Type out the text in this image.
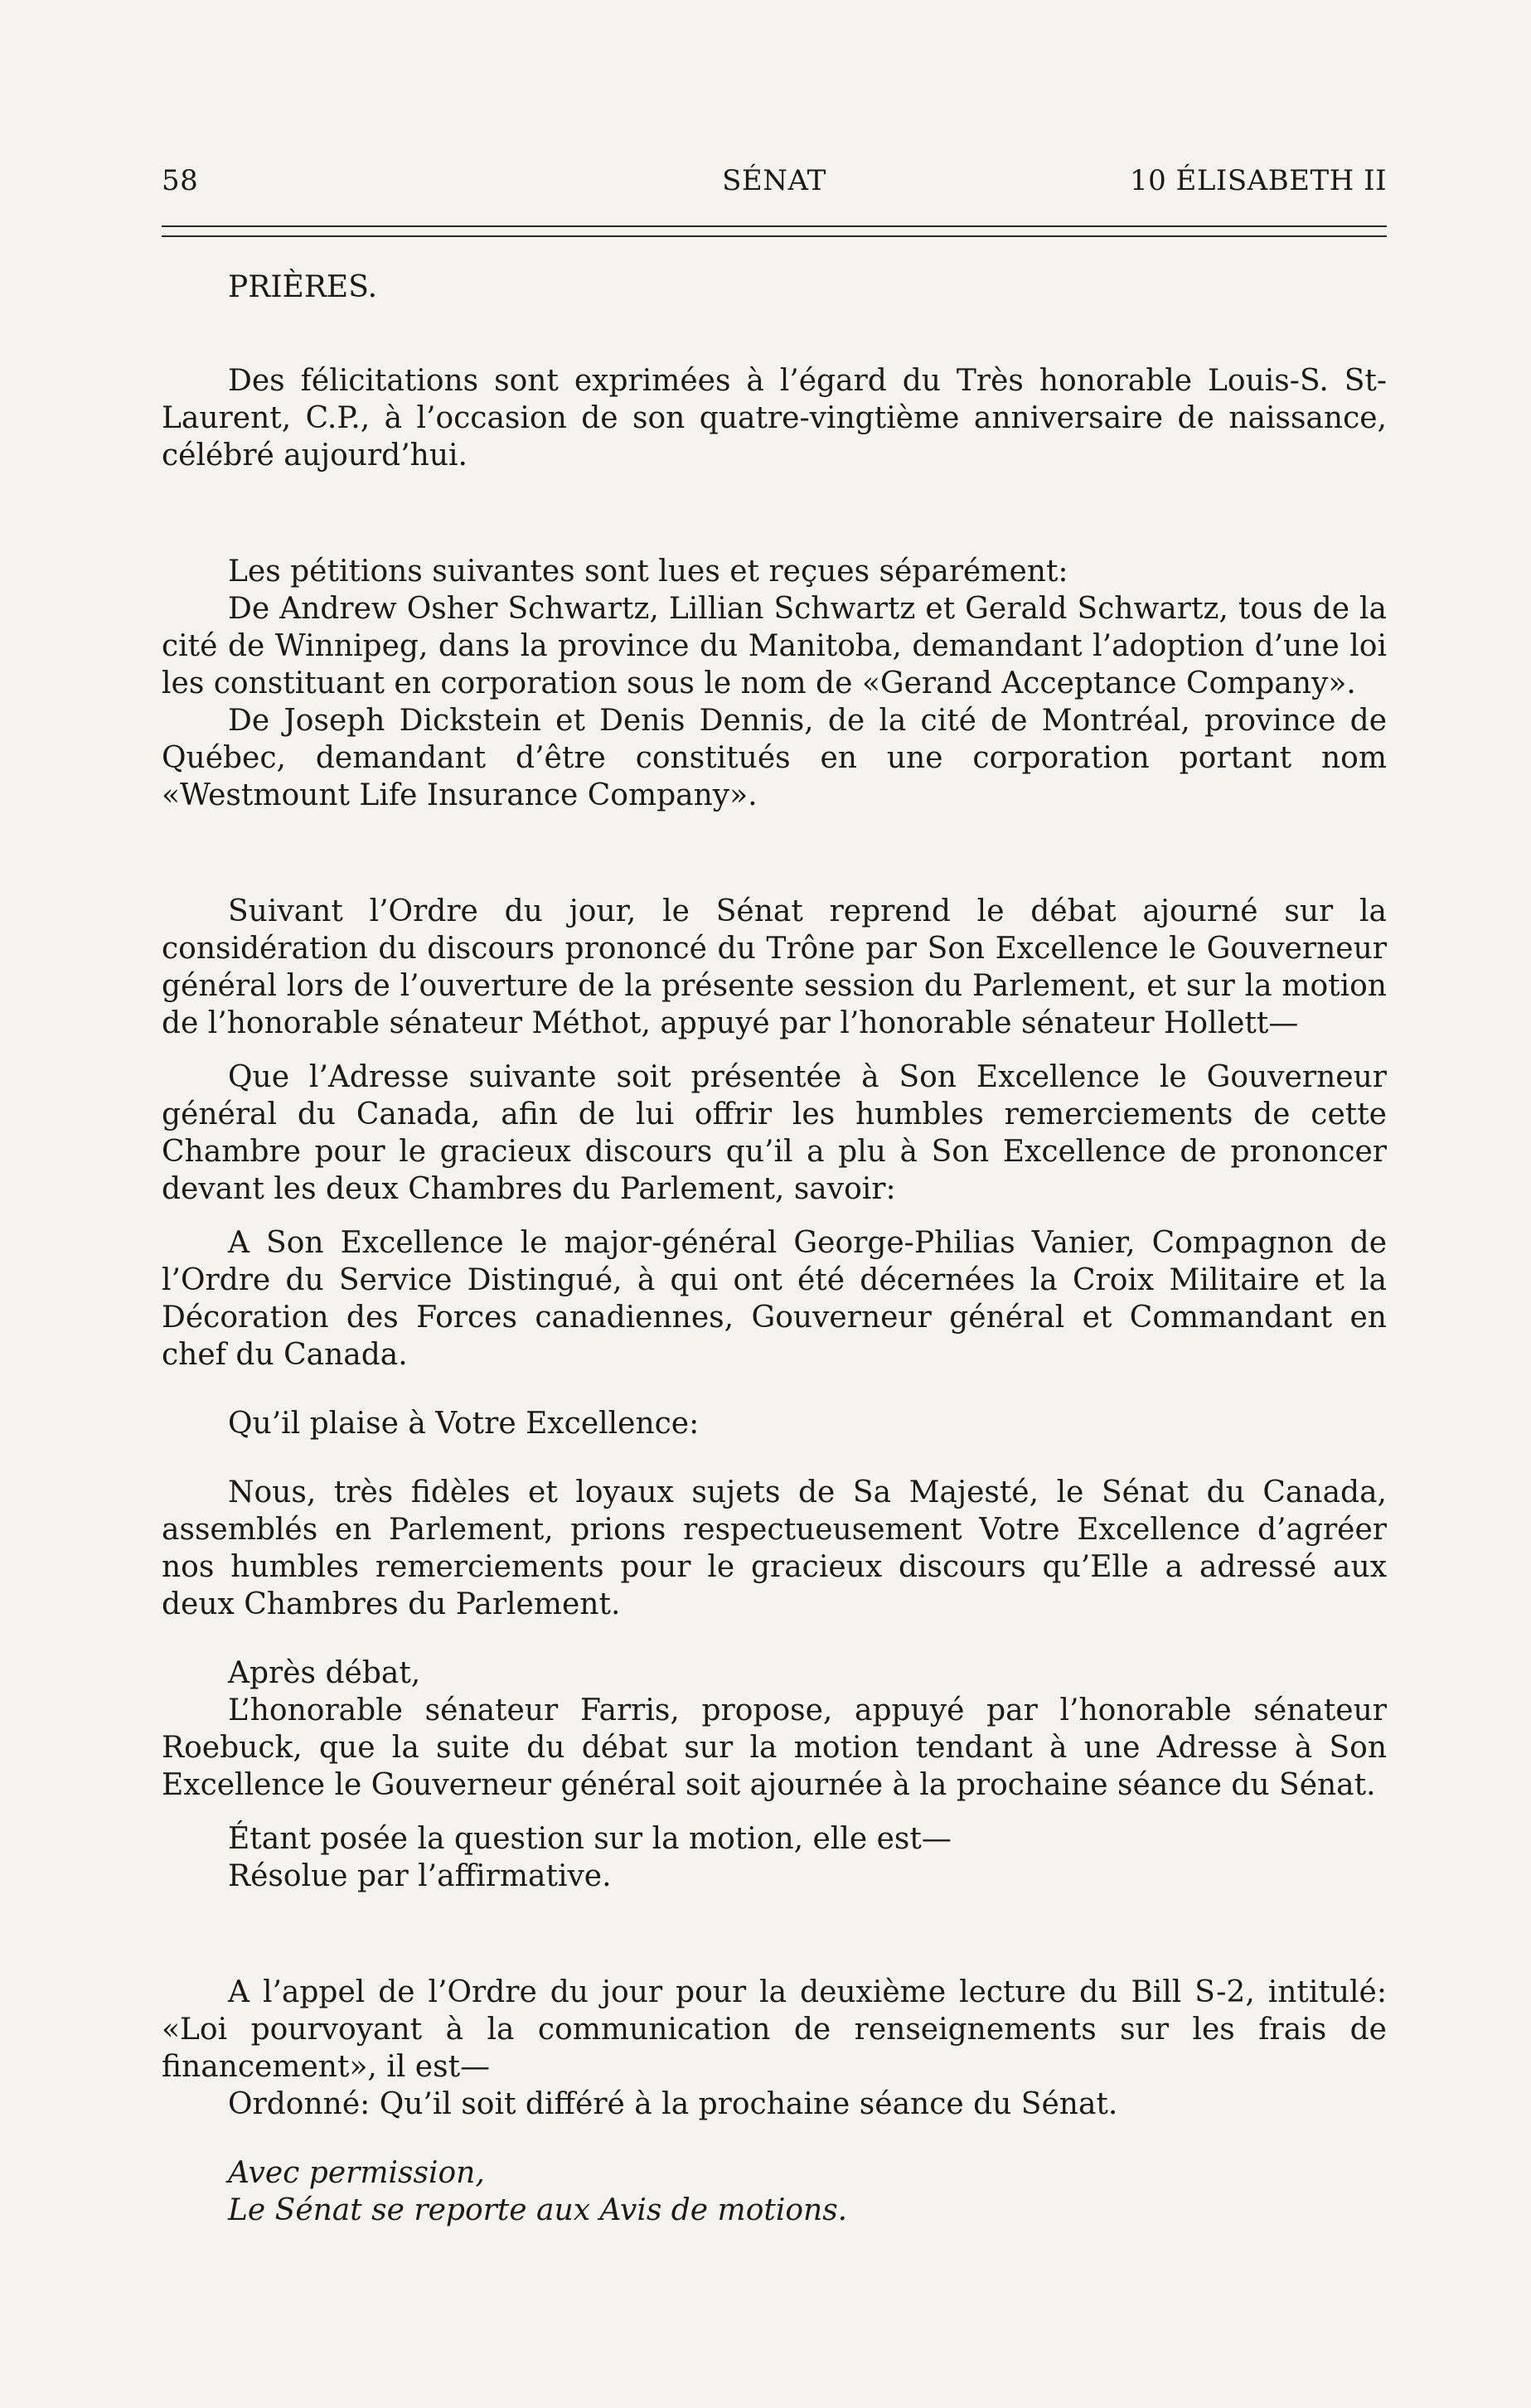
58	SÉNAT	10 ÉLISABETH II

PRIÈRES.

Des félicitations sont exprimées à l’égard du Très honorable Louis-S. St-Laurent, C.P., à l’occasion de son quatre-vingtième anniversaire de naissance, célébré aujourd’hui.

Les pétitions suivantes sont lues et reçues séparément:

De Andrew Osher Schwartz, Lillian Schwartz et Gerald Schwartz, tous de la cité de Winnipeg, dans la province du Manitoba, demandant l’adoption d’une loi les constituant en corporation sous le nom de «Gerand Acceptance Company».

De Joseph Dickstein et Denis Dennis, de la cité de Montréal, province de Québec, demandant d’être constitués en une corporation portant nom «Westmount Life Insurance Company».

Suivant l’Ordre du jour, le Sénat reprend le débat ajourné sur la considération du discours prononcé du Trône par Son Excellence le Gouverneur général lors de l’ouverture de la présente session du Parlement, et sur la motion de l’honorable sénateur Méthot, appuyé par l’honorable sénateur Hollett—

Que l’Adresse suivante soit présentée à Son Excellence le Gouverneur général du Canada, afin de lui offrir les humbles remerciements de cette Chambre pour le gracieux discours qu’il a plu à Son Excellence de prononcer devant les deux Chambres du Parlement, savoir:

A Son Excellence le major-général George-Philias Vanier, Compagnon de l’Ordre du Service Distingué, à qui ont été décernées la Croix Militaire et la Décoration des Forces canadiennes, Gouverneur général et Commandant en chef du Canada.

Qu’il plaise à Votre Excellence:

Nous, très fidèles et loyaux sujets de Sa Majesté, le Sénat du Canada, assemblés en Parlement, prions respectueusement Votre Excellence d’agréer nos humbles remerciements pour le gracieux discours qu’Elle a adressé aux deux Chambres du Parlement.

Après débat,

L’honorable sénateur Farris, propose, appuyé par l’honorable sénateur Roebuck, que la suite du débat sur la motion tendant à une Adresse à Son Excellence le Gouverneur général soit ajournée à la prochaine séance du Sénat.

Étant posée la question sur la motion, elle est—

Résolue par l’affirmative.

A l’appel de l’Ordre du jour pour la deuxième lecture du Bill S-2, intitulé: «Loi pourvoyant à la communication de renseignements sur les frais de financement», il est—

Ordonné: Qu’il soit différé à la prochaine séance du Sénat.

Avec permission,

Le Sénat se reporte aux Avis de motions.
